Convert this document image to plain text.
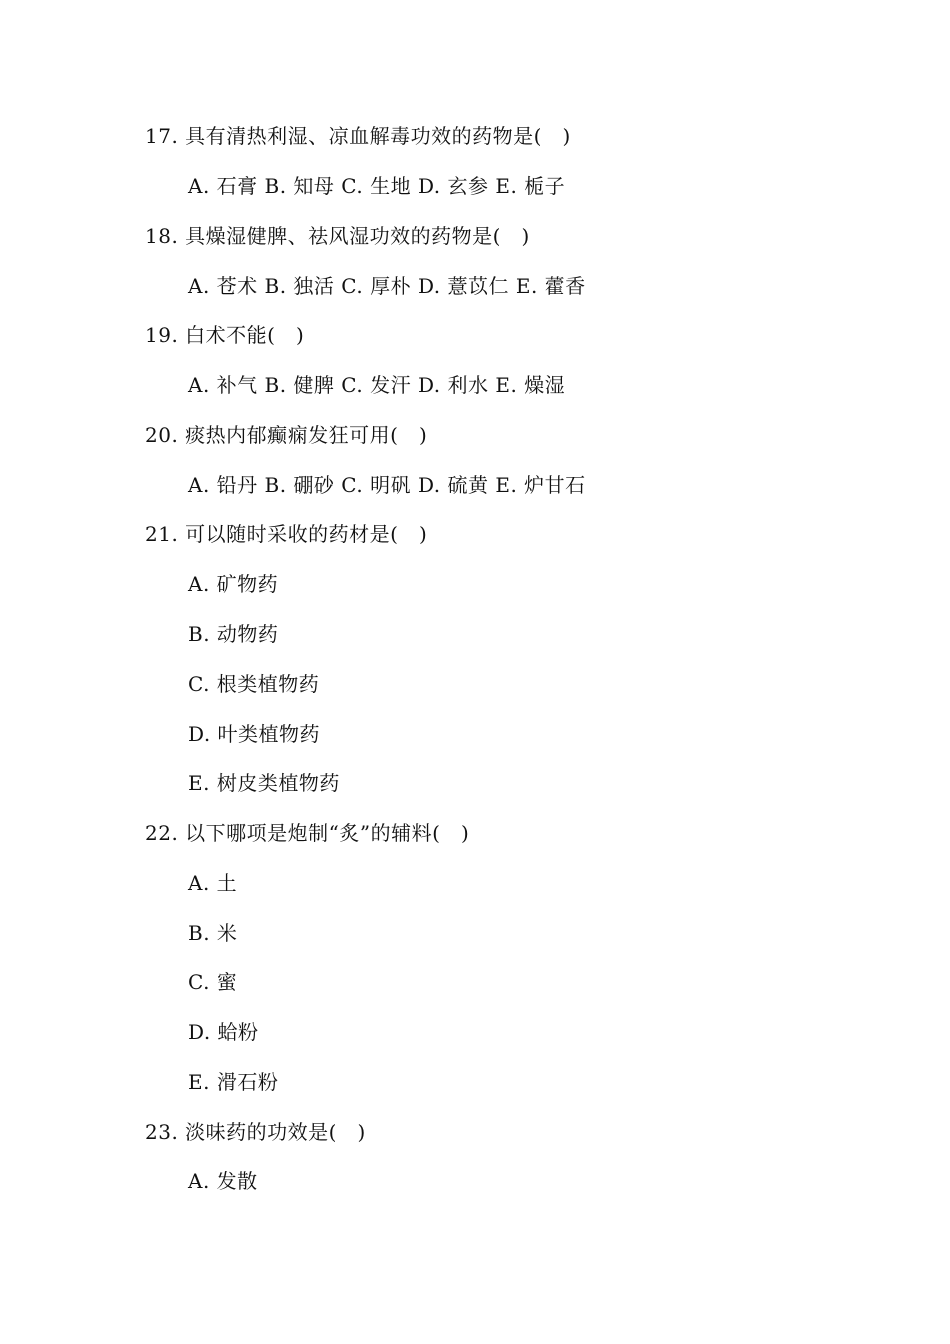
17. 具有清热利湿、凉血解毒功效的药物是(   )
A. 石膏 B. 知母 C. 生地 D. 玄参 E. 栀子
18. 具燥湿健脾、祛风湿功效的药物是(   )
A. 苍术 B. 独活 C. 厚朴 D. 薏苡仁 E. 藿香
19. 白术不能(   )
A. 补气 B. 健脾 C. 发汗 D. 利水 E. 燥湿
20. 痰热内郁癫痫发狂可用(   )
A. 铅丹 B. 硼砂 C. 明矾 D. 硫黄 E. 炉甘石
21. 可以随时采收的药材是(   )
A. 矿物药
B. 动物药
C. 根类植物药
D. 叶类植物药
E. 树皮类植物药
22. 以下哪项是炮制“炙”的辅料(   )
A. 土
B. 米
C. 蜜
D. 蛤粉
E. 滑石粉
23. 淡味药的功效是(   )
A. 发散
